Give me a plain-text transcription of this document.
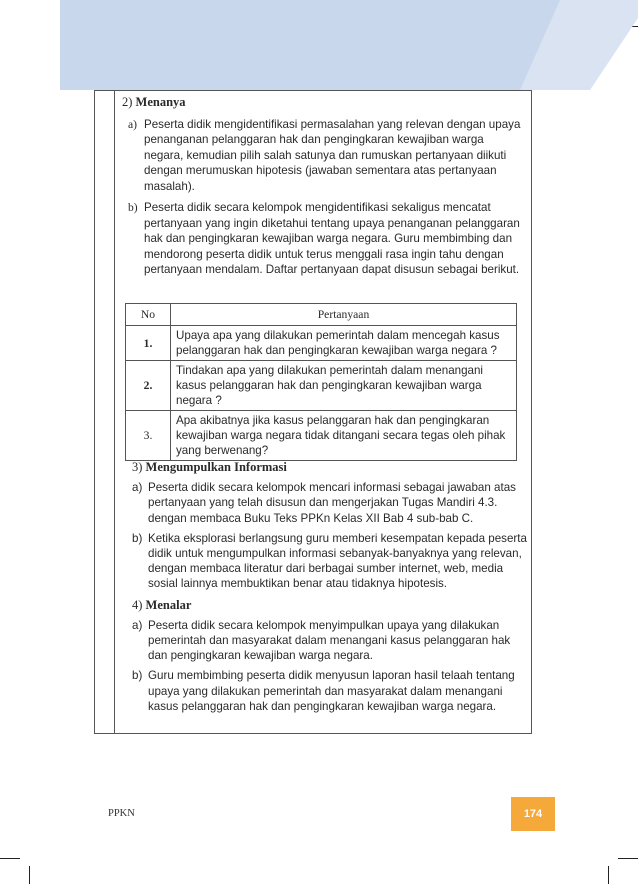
2) Menanya

a) Peserta didik mengidentifikasi permasalahan yang relevan dengan upaya penanganan pelanggaran hak dan pengingkaran kewajiban warga negara, kemudian pilih salah satunya dan rumuskan pertanyaan diikuti dengan merumuskan hipotesis (jawaban sementara atas pertanyaan masalah).

b) Peserta didik secara kelompok mengidentifikasi sekaligus mencatat pertanyaan yang ingin diketahui tentang upaya penanganan pelanggaran hak dan pengingkaran kewajiban warga negara. Guru membimbing dan mendorong peserta didik untuk terus menggali rasa ingin tahu dengan pertanyaan mendalam. Daftar pertanyaan dapat disusun sebagai berikut.

No	Pertanyaan
1.	Upaya apa yang dilakukan pemerintah dalam mencegah kasus pelanggaran hak dan pengingkaran kewajiban warga negara ?
2.	Tindakan apa yang dilakukan pemerintah dalam menangani kasus pelanggaran hak dan pengingkaran kewajiban warga negara ?
3.	Apa akibatnya jika kasus pelanggaran hak dan pengingkaran kewajiban warga negara tidak ditangani secara tegas oleh pihak yang berwenang?

3) Mengumpulkan Informasi

a) Peserta didik secara kelompok mencari informasi sebagai jawaban atas pertanyaan yang telah disusun dan mengerjakan Tugas Mandiri 4.3. dengan membaca Buku Teks PPKn Kelas XII Bab 4 sub-bab C.

b) Ketika eksplorasi berlangsung guru memberi kesempatan kepada peserta didik untuk mengumpulkan informasi sebanyak-banyaknya yang relevan, dengan membaca literatur dari berbagai sumber internet, web, media sosial lainnya membuktikan benar atau tidaknya hipotesis.

4) Menalar

a) Peserta didik secara kelompok menyimpulkan upaya yang dilakukan pemerintah dan masyarakat dalam menangani kasus pelanggaran hak dan pengingkaran kewajiban warga negara.

b) Guru membimbing peserta didik menyusun laporan hasil telaah tentang upaya yang dilakukan pemerintah dan masyarakat dalam menangani kasus pelanggaran hak dan pengingkaran kewajiban warga negara.

PPKN	174
